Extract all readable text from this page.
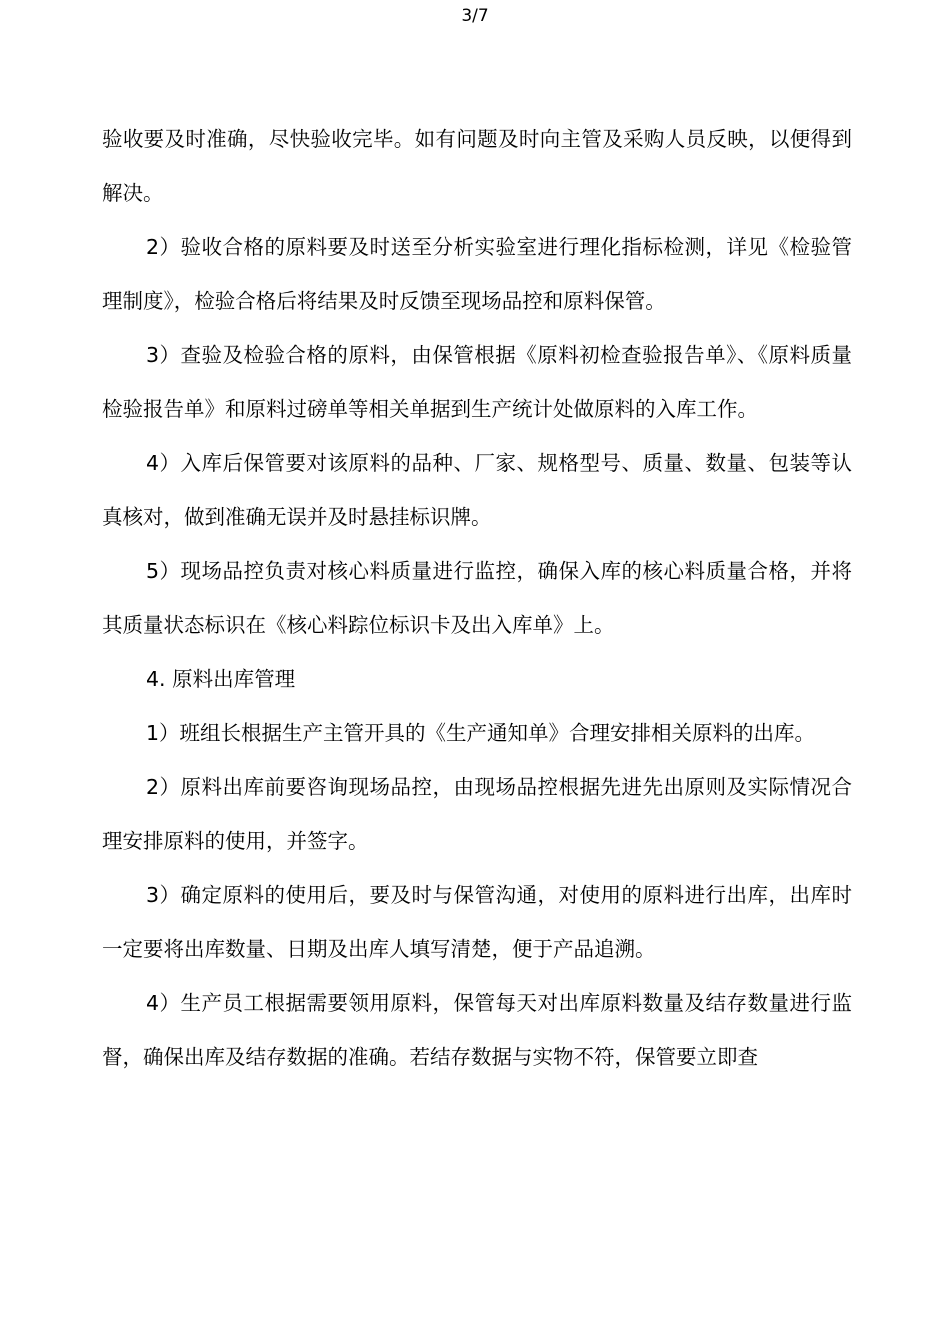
3/7

验收要及时准确，尽快验收完毕。如有问题及时向主管及采购人员反映，以便得到解决。

2）验收合格的原料要及时送至分析实验室进行理化指标检测，详见《检验管理制度》，检验合格后将结果及时反馈至现场品控和原料保管。

3）查验及检验合格的原料，由保管根据《原料初检查验报告单》、《原料质量检验报告单》和原料过磅单等相关单据到生产统计处做原料的入库工作。

4）入库后保管要对该原料的品种、厂家、规格型号、质量、数量、包装等认真核对，做到准确无误并及时悬挂标识牌。

5）现场品控负责对核心料质量进行监控，确保入库的核心料质量合格，并将其质量状态标识在《核心料踪位标识卡及出入库单》上。

4. 原料出库管理

1）班组长根据生产主管开具的《生产通知单》合理安排相关原料的出库。

2）原料出库前要咨询现场品控，由现场品控根据先进先出原则及实际情况合理安排原料的使用，并签字。

3）确定原料的使用后，要及时与保管沟通，对使用的原料进行出库，出库时一定要将出库数量、日期及出库人填写清楚，便于产品追溯。

4）生产员工根据需要领用原料，保管每天对出库原料数量及结存数量进行监督，确保出库及结存数据的准确。若结存数据与实物不符，保管要立即查
